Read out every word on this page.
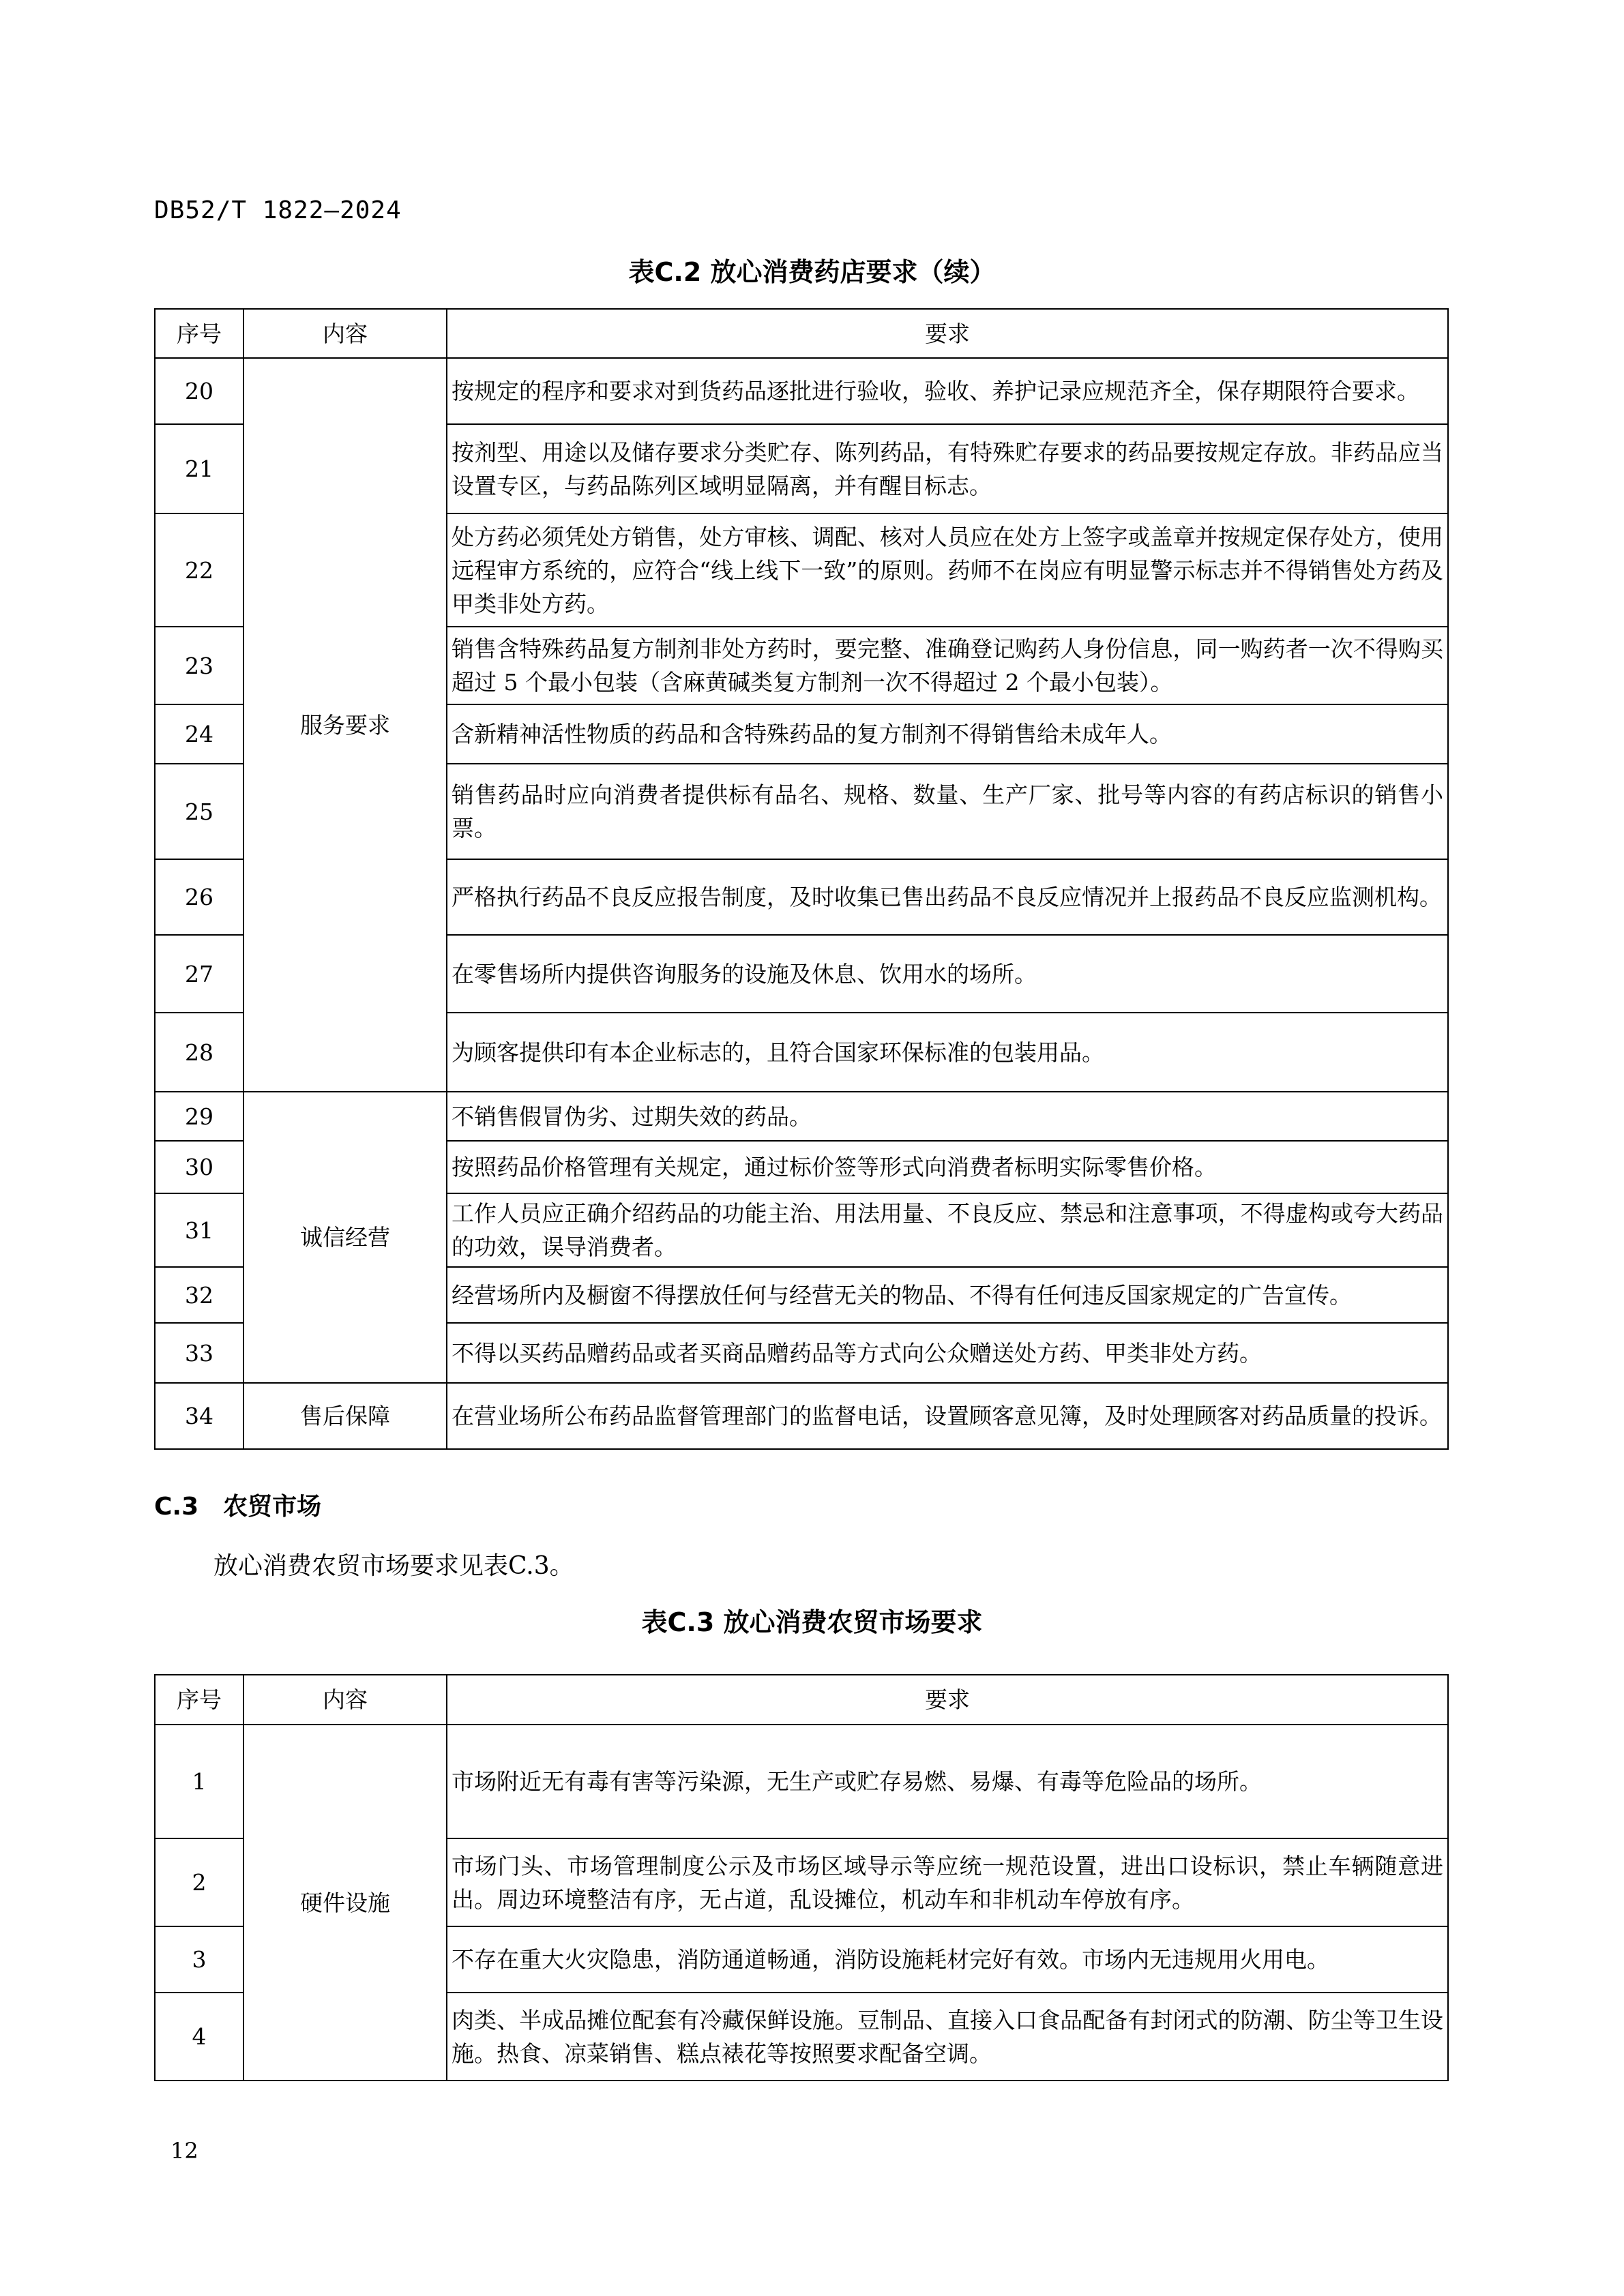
DB52/T 1822—2024
表C.2 放心消费药店要求（续）
序号	内容	要求
20	服务要求	按规定的程序和要求对到货药品逐批进行验收，验收、养护记录应规范齐全，保存期限符合要求。
21		按剂型、用途以及储存要求分类贮存、陈列药品，有特殊贮存要求的药品要按规定存放。非药品应当设置专区，与药品陈列区域明显隔离，并有醒目标志。
22		处方药必须凭处方销售，处方审核、调配、核对人员应在处方上签字或盖章并按规定保存处方，使用远程审方系统的，应符合“线上线下一致”的原则。药师不在岗应有明显警示标志并不得销售处方药及甲类非处方药。
23		销售含特殊药品复方制剂非处方药时，要完整、准确登记购药人身份信息，同一购药者一次不得购买超过 5 个最小包装（含麻黄碱类复方制剂一次不得超过 2 个最小包装）。
24		含新精神活性物质的药品和含特殊药品的复方制剂不得销售给未成年人。
25		销售药品时应向消费者提供标有品名、规格、数量、生产厂家、批号等内容的有药店标识的销售小票。
26		严格执行药品不良反应报告制度，及时收集已售出药品不良反应情况并上报药品不良反应监测机构。
27		在零售场所内提供咨询服务的设施及休息、饮用水的场所。
28		为顾客提供印有本企业标志的，且符合国家环保标准的包装用品。
29	诚信经营	不销售假冒伪劣、过期失效的药品。
30		按照药品价格管理有关规定，通过标价签等形式向消费者标明实际零售价格。
31		工作人员应正确介绍药品的功能主治、用法用量、不良反应、禁忌和注意事项，不得虚构或夸大药品的功效，误导消费者。
32		经营场所内及橱窗不得摆放任何与经营无关的物品、不得有任何违反国家规定的广告宣传。
33		不得以买药品赠药品或者买商品赠药品等方式向公众赠送处方药、甲类非处方药。
34	售后保障	在营业场所公布药品监督管理部门的监督电话，设置顾客意见簿，及时处理顾客对药品质量的投诉。
C.3 农贸市场
放心消费农贸市场要求见表C.3。
表C.3 放心消费农贸市场要求
序号	内容	要求
1	硬件设施	市场附近无有毒有害等污染源，无生产或贮存易燃、易爆、有毒等危险品的场所。
2		市场门头、市场管理制度公示及市场区域导示等应统一规范设置，进出口设标识，禁止车辆随意进出。周边环境整洁有序，无占道，乱设摊位，机动车和非机动车停放有序。
3		不存在重大火灾隐患，消防通道畅通，消防设施耗材完好有效。市场内无违规用火用电。
4		肉类、半成品摊位配套有冷藏保鲜设施。豆制品、直接入口食品配备有封闭式的防潮、防尘等卫生设施。热食、凉菜销售、糕点裱花等按照要求配备空调。
12
